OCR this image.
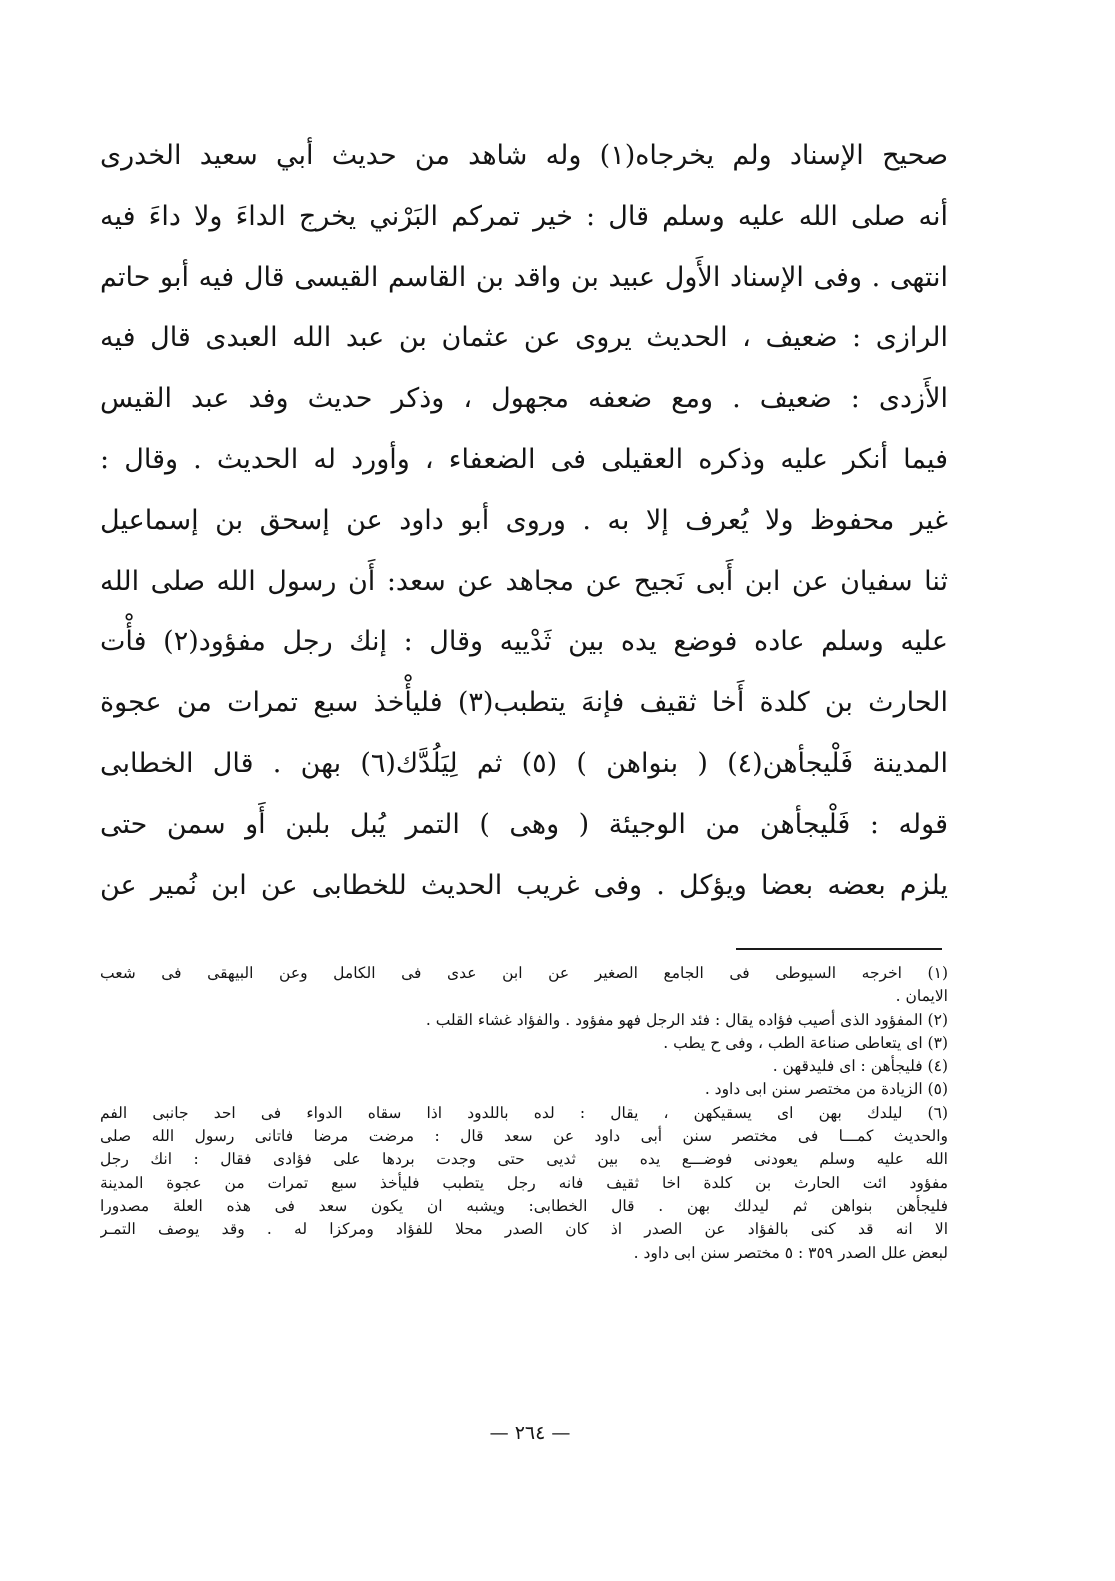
صحيح الإسناد ولم يخرجاه(١) وله شاهد من حديث أبي سعيد الخدرى
أنه صلى الله عليه وسلم قال : خير تمركم البَرْني يخرج الداءَ ولا داءَ فيه
انتهى . وفى الإسناد الأَول عبيد بن واقد بن القاسم القيسى قال فيه أبو حاتم
الرازى : ضعيف ، الحديث يروى عن عثمان بن عبد الله العبدى قال فيه
الأَزدى : ضعيف . ومع ضعفه مجهول ، وذكر حديث وفد عبد القيس
فيما أنكر عليه وذكره العقيلى فى الضعفاء ، وأورد له الحديث . وقال :
غير محفوظ ولا يُعرف إلا به . وروى أبو داود عن إسحق بن إسماعيل
ثنا سفيان عن ابن أَبى نَجيح عن مجاهد عن سعد: أَن رسول الله صلى الله
عليه وسلم عاده فوضع يده بين ثَدْييه وقال : إنك رجل مفؤود(٢) فأْت
الحارث بن كلدة أَخا ثقيف فإنهَ يتطبب(٣) فليأْخذ سبع تمرات من عجوة
المدينة فَلْيجأهن(٤) ( بنواهن ) (٥) ثم لِيَلُدَّك(٦) بهن . قال الخطابى
قوله : فَلْيجأهن من الوجيئة ( وهى ) التمر يُبل بلبن أَو سمن حتى
يلزم بعضه بعضا ويؤكل . وفى غريب الحديث للخطابى عن ابن نُمير عن
(١) اخرجه السيوطى فى الجامع الصغير عن ابن عدى فى الكامل وعن البيهقى فى شعب
الايمان .
(٢) المفؤود الذى أصيب فؤاده يقال : فئد الرجل فهو مفؤود . والفؤاد غشاء القلب .
(٣) اى يتعاطى صناعة الطب ، وفى ح يطب .
(٤) فليجأهن : اى فليدقهن .
(٥) الزيادة من مختصر سنن ابى داود .
(٦) ليلدك بهن اى يسقيكهن ، يقال : لده باللدود اذا سقاه الدواء فى احد جانبى الفم
والحديث كمـــا فى مختصر سنن أبى داود عن سعد قال : مرضت مرضا فاتانى رسول الله صلى
الله عليه وسلم يعودنى فوضـــع يده بين ثديى حتى وجدت بردها على فؤادى فقال : انك رجل
مفؤود ائت الحارث بن كلدة اخا ثقيف فانه رجل يتطبب فليأخذ سبع تمرات من عجوة المدينة
فليجأهن بنواهن ثم ليدلك بهن . قال الخطابى: ويشبه ان يكون سعد فى هذه العلة مصدورا
الا انه قد كنى بالفؤاد عن الصدر اذ كان الصدر محلا للفؤاد ومركزا له . وقد يوصف التمـر
لبعض علل الصدر ٣٥٩ : ٥ مختصر سنن ابى داود .
— ٢٦٤ —
